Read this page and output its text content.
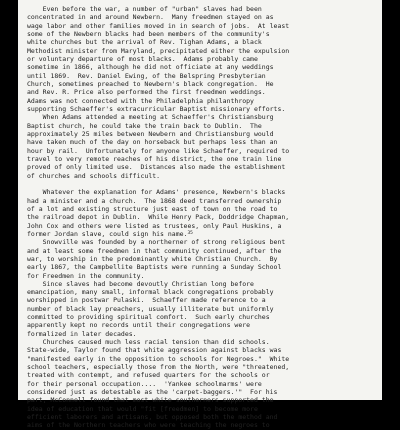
Even before the war, a number of "urban" slaves had been
concentrated in and around Newbern.  Many freedmen stayed on as
wage labor and other families moved in in search of jobs.  At least
some of the Newbern blacks had been members of the community's
white churches but the arrival of Rev. Tighan Adams, a black
Methodist minister from Maryland, precipitated either the expulsion
or voluntary departure of most blacks.  Adams probably came
sometime in 1866, although he did not officiate at any weddings
until 1869.  Rev. Daniel Ewing, of the Belspring Presbyterian
Church, sometimes preached to Newbern's black congregation.  He
and Rev. R. Price also performed the first freedmen weddings.
Adams was not connected with the Philadelphia philanthropy
supporting Schaeffer's extracurricular Baptist missionary efforts.
When Adams attended a meeting at Schaeffer's Christiansburg
Baptist church, he could take the train back to Dublin.  The
approximately 25 miles between Newbern and Christiansburg would
have taken much of the day on horseback but perhaps less than an
hour by rail.  Unfortunately for anyone like Schaeffer, required to
travel to very remote reaches of his district, the one train line
proved of only limited use.  Distances also made the establishment
of churches and schools difficult.
Whatever the explanation for Adams' presence, Newbern's blacks
had a minister and a church.  The 1868 deed transferred ownership
of a lot and existing structure just east of town on the road to
the railroad depot in Dublin.  While Henry Pack, Doddridge Chapman,
John Cox and others were listed as trustees, only Paul Huskins, a
former Jordan slave, could sign his name.$^{35}$
Snowville was founded by a northerner of strong religious bent
and at least some freedmen in that community continued, after the
war, to worship in the predominantly white Christian Church.  By
early 1867, the Campbellite Baptists were running a Sunday School
for Freedmen in the community.
Since slaves had become devoutly Christian long before
emancipation, many small, informal black congregations probably
worshipped in postwar Pulaski.  Schaeffer made reference to a
number of black lay preachers, usually illiterate but uniformly
committed to providing spiritual comfort.  Such early churches
apparently kept no records until their congregations were
formalized in later decades.
Churches caused much less racial tension than did schools.
State-wide, Taylor found that white aggression against blacks was
"manifested early in the opposition to schools for Negroes."  White
school teachers, especially those from the North, were "threatened,
treated with contempt, and refused quarters for the schools or
for their personal occupation....  'Yankee schoolmarms' were
considered just as detestable as the 'carpet-baggers.'"  For his
part, McConnell found that most white southerners supported the
idea of education that would "fit [freedmen] to become more
efficient laborers and artisans, but opposed both the method and
aims of the Northern teachers who were teaching the negroes to
